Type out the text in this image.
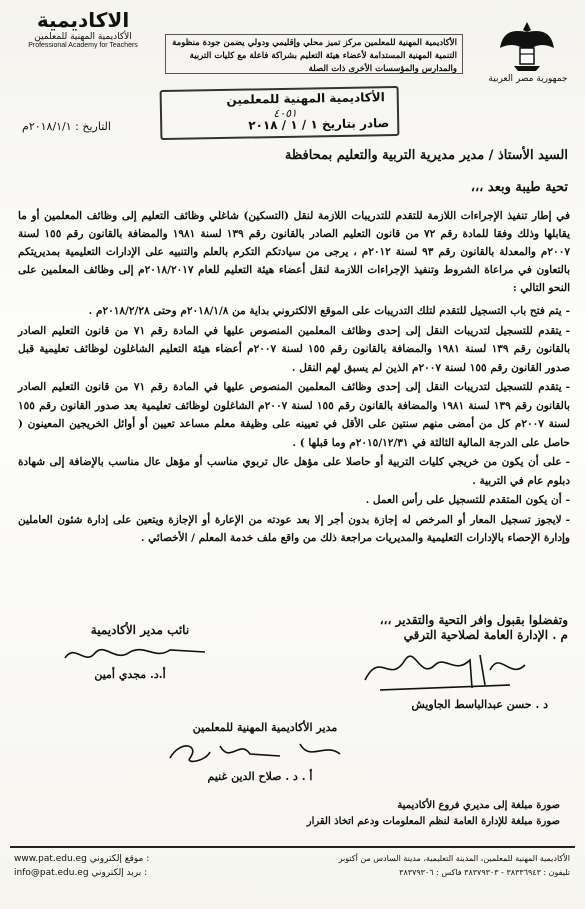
الاكاديمية
الأكاديمية المهنية للمعلمين
Professional Academy for Teachers	الأكاديمية المهنية للمعلمين مركز تميز محلي وإقليمي ودولي يضمن جودة منظومة التنمية المهنية المستدامة لأعضاء هيئة التعليم بشراكة فاعلة مع كليات التربية والمدارس والمؤسسات الأخرى ذات الصلة
جمهورية مصر العربية
الأكاديمية المهنية للمعلمين
٤٠٥١
صادر بتاريخ ١ / ١ / ٢٠١٨
التاريخ : ٢٠١٨/١/١م
السيد الأستاذ / مدير مديرية التربية والتعليم بمحافظة
تحية طيبة وبعد ،،،
في إطار تنفيذ الإجراءات اللازمة للتقدم للتدريبات اللازمة لنقل (التسكين) شاغلي وظائف التعليم إلى وظائف المعلمين أو ما يقابلها وذلك وفقا للمادة رقم ٧٢ من قانون التعليم الصادر بالقانون رقم ١٣٩ لسنة ١٩٨١ والمضافة بالقانون رقم ١٥٥ لسنة ٢٠٠٧م والمعدلة بالقانون رقم ٩٣ لسنة ٢٠١٢م ، يرجى من سيادتكم التكرم بالعلم والتنبيه على الإدارات التعليمية بمديريتكم بالتعاون في مراعاة الشروط وتنفيذ الإجراءات اللازمة لنقل أعضاء هيئة التعليم للعام ٢٠١٨/٢٠١٧م إلى وظائف المعلمين على النحو التالي :

-يتم فتح باب التسجيل للتقدم لتلك التدريبات على الموقع الالكتروني بداية من ٢٠١٨/١/٨م وحتى ٢٠١٨/٢/٢٨م .

-يتقدم للتسجيل لتدريبات النقل إلى إحدى وظائف المعلمين المنصوص عليها في المادة رقم ٧١ من قانون التعليم الصادر بالقانون رقم ١٣٩ لسنة ١٩٨١ والمضافة بالقانون رقم ١٥٥ لسنة ٢٠٠٧م أعضاء هيئة التعليم الشاغلون لوظائف تعليمية قبل صدور القانون رقم ١٥٥ لسنة ٢٠٠٧م الذين لم يسبق لهم النقل .

-يتقدم للتسجيل لتدريبات النقل إلى إحدى وظائف المعلمين المنصوص عليها في المادة رقم ٧١ من قانون التعليم الصادر بالقانون رقم ١٣٩ لسنة ١٩٨١ والمضافة بالقانون رقم ١٥٥ لسنة ٢٠٠٧م الشاغلون لوظائف تعليمية بعد صدور القانون رقم ١٥٥ لسنة ٢٠٠٧م كل من أمضى منهم سنتين على الأقل في تعيينه على وظيفة معلم مساعد تعيين أو أوائل الخريجين المعينون ( حاصل على الدرجة المالية الثالثة في ٢٠١٥/١٢/٣١م وما قبلها ) .

-على أن يكون من خريجي كليات التربية أو حاصلا على مؤهل عال تربوي مناسب أو مؤهل عال مناسب بالإضافة إلى شهادة دبلوم عام في التربية .

-أن يكون المتقدم للتسجيل على رأس العمل .

-لايجوز تسجيل المعار أو المرخص له إجازة بدون أجر إلا بعد عودته من الإعارة أو الإجازة ويتعين على إدارة شئون العاملين وإدارة الإحصاء بالإدارات التعليمية والمديريات مراجعة ذلك من واقع ملف خدمة المعلم / الأخصائي .

وتفضلوا بقبول وافر التحية والتقدير ،،،
م . الإدارة العامة لصلاحية الترقي
نائب مدير الأكاديمية
د . حسن عبدالباسط الجاويش
أ.د. مجدي أمين
مدير الأكاديمية المهنية للمعلمين
أ . د . صلاح الدين غنيم
صورة مبلغة إلى مديري فروع الأكاديمية
صورة مبلغة للإدارة العامة لنظم المعلومات ودعم اتخاذ القرار
www.pat.edu.eg موقع إلكتروني :
info@pat.edu.eg بريد إلكتروني :
الأكاديمية المهنية للمعلمين، المدينة التعليمية، مدينة السادس من أكتوبر
تليفون : ٣٨٣٣٦٩٤٣ - ٣٨٣٧٩٣٠٣ فاكس : ٣٨٣٧٩٣٠٦
